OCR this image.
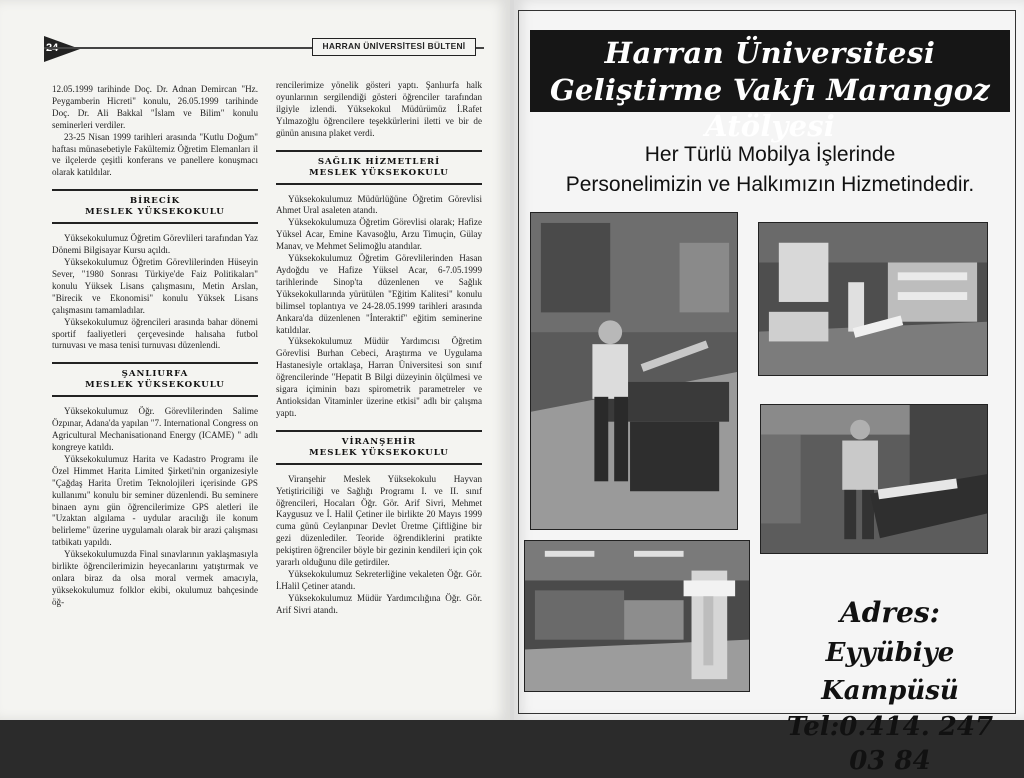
HARRAN ÜNİVERSİTESİ BÜLTENİ

12.05.1999 tarihinde Doç. Dr. Adnan Demircan "Hz. Peygamberin Hicreti" konulu, 26.05.1999 tarihinde Doç. Dr. Ali Bakkal "İslam ve Bilim" konulu seminerleri verdiler.

23-25 Nisan 1999 tarihleri arasında "Kutlu Doğum" haftası münasebetiyle Fakültemiz Öğretim Elemanları il ve ilçelerde çeşitli konferans ve panellere konuşmacı olarak katıldılar.

BİRECİK
MESLEK YÜKSEKOKULU

Yüksekokulumuz Öğretim Görevlileri tarafından Yaz Dönemi Bilgisayar Kursu açıldı.

Yüksekokulumuz Öğretim Görevlilerinden Hüseyin Sever, "1980 Sonrası Türkiye'de Faiz Politikaları" konulu Yüksek Lisans çalışmasını, Metin Arslan, "Birecik ve Ekonomisi" konulu Yüksek Lisans çalışmasını tamamladılar.

Yüksekokulumuz öğrencileri arasında bahar dönemi sportif faaliyetleri çerçevesinde halısaha futbol turnuvası ve masa tenisi turnuvası düzenlendi.

ŞANLIURFA
MESLEK YÜKSEKOKULU

Yüksekokulumuz Öğr. Görevlilerinden Salime Özpınar, Adana'da yapılan "7. International Congress on Agricultural Mechanisationand Energy (ICAME) " adlı kongreye katıldı.

Yüksekokulumuz Harita ve Kadastro Programı ile Özel Himmet Harita Limited Şirketi'nin organizesiyle "Çağdaş Harita Üretim Teknolojileri içerisinde GPS kullanımı" konulu bir seminer düzenlendi. Bu seminere binaen aynı gün öğrencilerimize GPS aletleri ile "Uzaktan algılama - uydular aracılığı ile konum belirleme" üzerine uygulamalı olarak bir arazi çalışması tatbikatı yapıldı.

Yüksekokulumuzda Final sınavlarının yaklaşmasıyla birlikte öğrencilerimizin heyecanlarını yatıştırmak ve onlara biraz da olsa moral vermek amacıyla, yüksekokulumuz folklor ekibi, okulumuz bahçesinde öğ-

rencilerimize yönelik gösteri yaptı. Şanlıurfa halk oyunlarının sergilendiği gösteri öğrenciler tarafından ilgiyle izlendi. Yüksekokul Müdürümüz İ.Rafet Yılmazoğlu öğrencilere teşekkürlerini iletti ve bir de günün anısına plaket verdi.

SAĞLIK HİZMETLERİ
MESLEK YÜKSEKOKULU

Yüksekokulumuz Müdürlüğüne Öğretim Görevlisi Ahmet Ural asaleten atandı.

Yüksekokulumuza Öğretim Görevlisi olarak; Hafize Yüksel Acar, Emine Kavasoğlu, Arzu Timuçin, Gülay Manav, ve Mehmet Selimoğlu atandılar.

Yüksekokulumuz Öğretim Görevlilerinden Hasan Aydoğdu ve Hafize Yüksel Acar, 6-7.05.1999 tarihlerinde Sinop'ta düzenlenen ve Sağlık Yüksekokullarında yürütülen "Eğitim Kalitesi" konulu bilimsel toplantıya ve 24-28.05.1999 tarihleri arasında Ankara'da düzenlenen "İnteraktif" eğitim seminerine katıldılar.

Yüksekokulumuz Müdür Yardımcısı Öğretim Görevlisi Burhan Cebeci, Araştırma ve Uygulama Hastanesiyle ortaklaşa, Harran Üniversitesi son sınıf öğrencilerinde "Hepatit B Bilgi düzeyinin ölçülmesi ve sigara içiminin bazı spirometrik parametreler ve Antioksidan Vitaminler üzerine etkisi" adlı bir çalışma yaptı.

VİRANŞEHİR
MESLEK YÜKSEKOKULU

Viranşehir Meslek Yüksekokulu Hayvan Yetiştiriciliği ve Sağlığı Programı I. ve II. sınıf öğrencileri, Hocaları Öğr. Gör. Arif Sivri, Mehmet Kaygusuz ve İ. Halil Çetiner ile birlikte 20 Mayıs 1999 cuma günü Ceylanpınar Devlet Üretme Çiftliğine bir gezi düzenlediler. Teoride öğrendiklerini pratikte pekiştiren öğrenciler böyle bir gezinin kendileri için çok yararlı olduğunu dile getirdiler.

Yüksekokulumuz Sekreterliğine vekaleten Öğr. Gör. İ.Halil Çetiner atandı.

Yüksekokulumuz Müdür Yardımcılığına Öğr. Gör. Arif Sivri atandı.

Harran Üniversitesi
Geliştirme Vakfı Marangoz Atölyesi
Her Türlü Mobilya İşlerinde
Personelimizin ve Halkımızın Hizmetindedir.
Adres:
Eyyübiye Kampüsü
Tel:0.414. 247 03 84
